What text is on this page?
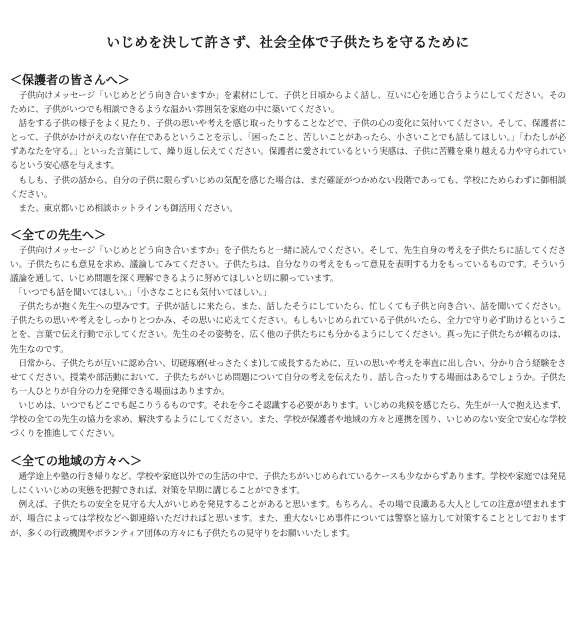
いじめを決して許さず、社会全体で子供たちを守るために
＜保護者の皆さんへ＞

　子供向けメッセージ「いじめとどう向き合いますか」を素材にして、子供と日頃からよく話し、互いに心を通じ合うようにしてください。そのために、子供がいつでも相談できるような温かい雰囲気を家庭の中に築いてください。

　話をする子供の様子をよく見たり、子供の思いや考えを感じ取ったりすることなどで、子供の心の変化に気付いてください。そして、保護者にとって、子供がかけがえのない存在であるということを示し、「困ったこと、苦しいことがあったら、小さいことでも話してほしい。」「わたしが必ずあなたを守る。」といった言葉にして、繰り返し伝えてください。保護者に愛されているという実感は、子供に苦難を乗り越える力や守られているという安心感を与えます。

　もしも、子供の話から、自分の子供に限らずいじめの気配を感じた場合は、まだ確証がつかめない段階であっても、学校にためらわずに御相談ください。

　また、東京都いじめ相談ホットラインも御活用ください。

＜全ての先生へ＞

　子供向けメッセージ「いじめとどう向き合いますか」を子供たちと一緒に読んでください。そして、先生自身の考えを子供たちに話してください。子供たちにも意見を求め、議論してみてください。子供たちは、自分なりの考えをもって意見を表明する力をもっているものです。そういう議論を通して、いじめ問題を深く理解できるように努めてほしいと切に願っています。

　「いつでも話を聞いてほしい。」「小さなことにも気付いてほしい。」

　子供たちが抱く先生への望みです。子供が話しに来たら、また、話したそうにしていたら、忙しくても子供と向き合い、話を聞いてください。子供たちの思いや考えをしっかりとつかみ、その思いに応えてください。もしもいじめられている子供がいたら、全力で守り必ず助けるということを、言葉で伝え行動で示してください。先生のその姿勢を、広く他の子供たちにも分かるようにしてください。真っ先に子供たちが頼るのは、先生なのです。

　日常から、子供たちが互いに認め合い、切磋琢磨(せっさたくま)して成長するために、互いの思いや考えを率直に出し合い、分かり合う経験をさせてください。授業や部活動において、子供たちがいじめ問題について自分の考えを伝えたり、話し合ったりする場面はあるでしょうか。子供たち一人ひとりが自分の力を発揮できる場面はありますか。

　いじめは、いつでもどこでも起こりうるものです。それを今こそ認識する必要があります。いじめの兆候を感じたら、先生が一人で抱え込まず、学校の全ての先生の協力を求め、解決するようにしてください。また、学校が保護者や地域の方々と連携を図り、いじめのない安全で安心な学校づくりを推進してください。

＜全ての地域の方々へ＞

　通学途上や塾の行き帰りなど、学校や家庭以外での生活の中で、子供たちがいじめられているケースも少なからずあります。学校や家庭では発見しにくいいじめの実態を把握できれば、対策を早期に講じることができます。

　例えば、子供たちの安全を見守る大人がいじめを発見することがあると思います。もちろん、その場で良識ある大人としての注意が望まれますが、場合によっては学校などへ御連絡いただければと思います。また、重大ないじめ事件については警察と協力して対策することとしておりますが、多くの行政機関やボランティア団体の方々にも子供たちの見守りをお願いいたします。
